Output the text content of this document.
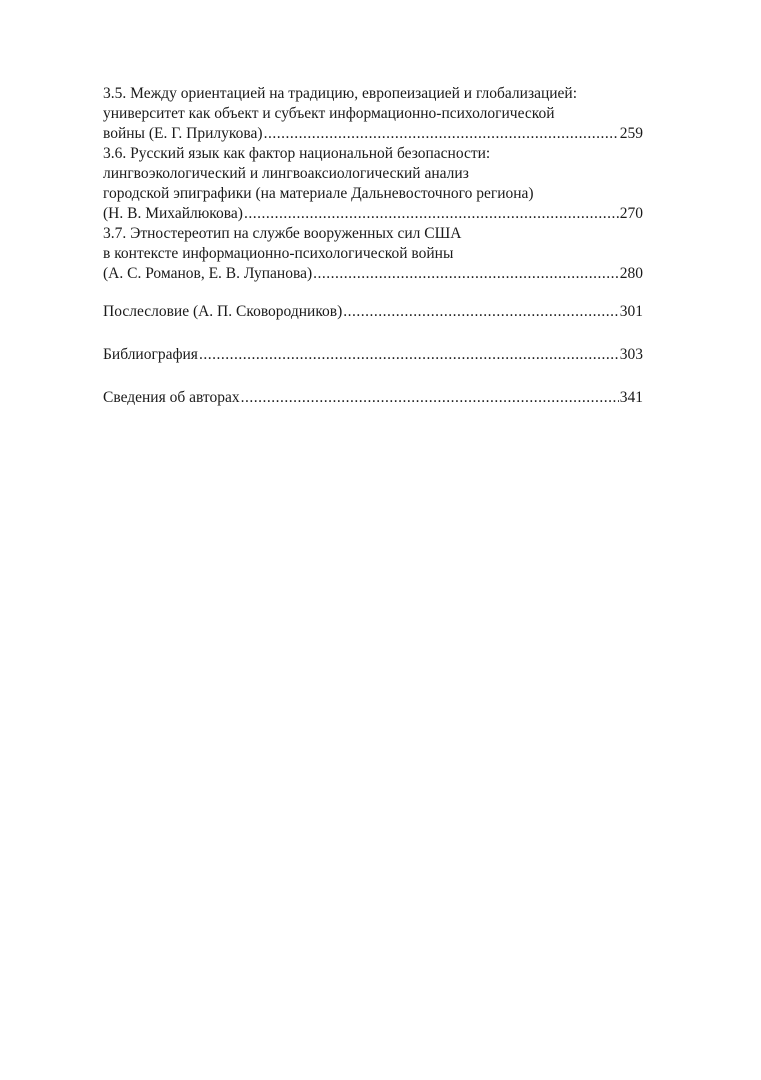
3.5. Между ориентацией на традицию, европеизацией и глобализацией:
университет как объект и субъект информационно-психологической
войны (Е. Г. Прилукова) .....	259
3.6. Русский язык как фактор национальной безопасности:
лингвоэкологический и лингвоаксиологический анализ
городской эпиграфики (на материале Дальневосточного региона)
(Н. В. Михайлюкова) .....	270
3.7. Этностереотип на службе вооруженных сил США
в контексте информационно-психологической войны
(А. С. Романов, Е. В. Лупанова) .....	280
Послесловие (А. П. Сковородников) .....	301
Библиография .....	303
Сведения об авторах .....	341
